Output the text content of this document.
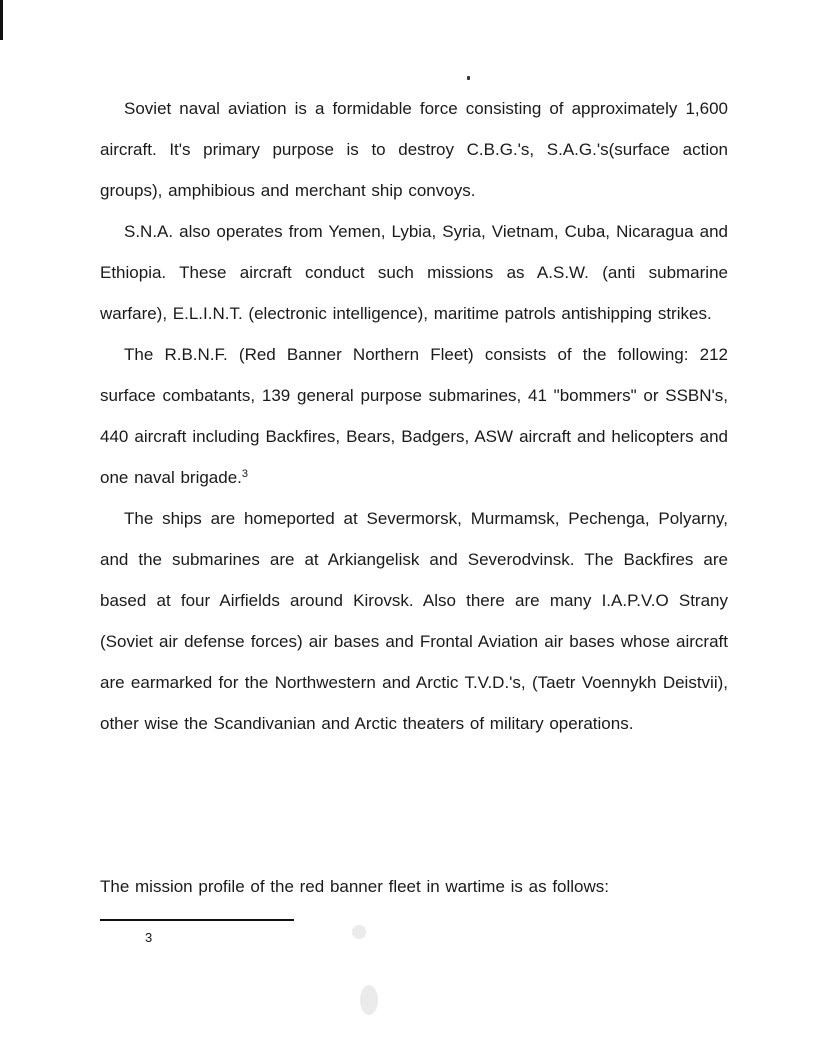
Soviet naval aviation is a formidable force consisting of approximately 1,600 aircraft. It's primary purpose is to destroy C.B.G.'s, S.A.G.'s(surface action groups), amphibious and merchant ship convoys.

S.N.A. also operates from Yemen, Lybia, Syria, Vietnam, Cuba, Nicaragua and Ethiopia. These aircraft conduct such missions as A.S.W. (anti submarine warfare), E.L.I.N.T. (electronic intelligence), maritime patrols antishipping strikes.

The R.B.N.F. (Red Banner Northern Fleet) consists of the following: 212 surface combatants, 139 general purpose submarines, 41 "bommers" or SSBN's, 440 aircraft including Backfires, Bears, Badgers, ASW aircraft and helicopters and one naval brigade.$^3$

The ships are homeported at Severmorsk, Murmamsk, Pechenga, Polyarny, and the submarines are at Arkiangelisk and Severodvinsk. The Backfires are based at four Airfields around Kirovsk. Also there are many I.A.P.V.O Strany (Soviet air defense forces) air bases and Frontal Aviation air bases whose aircraft are earmarked for the Northwestern and Arctic T.V.D.'s, (Taetr Voennykh Deistvii), other wise the Scandivanian and Arctic theaters of military operations.

The mission profile of the red banner fleet in wartime is as follows:
3
